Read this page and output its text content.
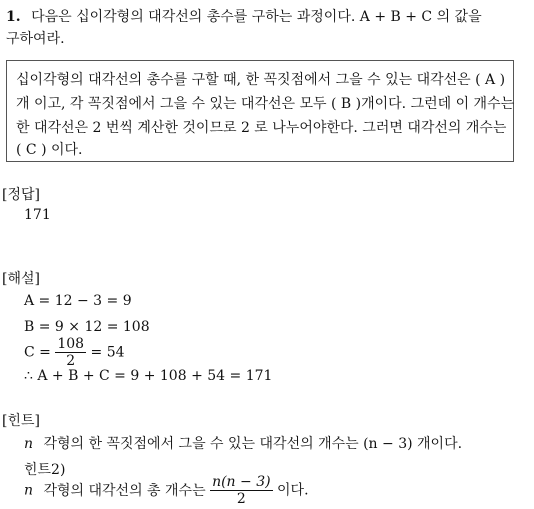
1. 다음은 십이각형의 대각선의 총수를 구하는 과정이다. A + B + C 의 값을
구하여라.
십이각형의 대각선의 총수를 구할 때, 한 꼭짓점에서 그을 수 있는 대각선은 ( A )
개 이고, 각 꼭짓점에서 그을 수 있는 대각선은 모두 ( B )개이다. 그런데 이 개수는
한 대각선은 2 번씩 계산한 것이므로 2 로 나누어야한다. 그러면 대각선의 개수는
( C ) 이다.
[정답]
171
[해설]
A = 12 − 3 = 9
B = 9 × 12 = 108
$C = \frac{108}{2} = 54$
∴ A + B + C = 9 + 108 + 54 = 171
[힌트]
n 각형의 한 꼭짓점에서 그을 수 있는 대각선의 개수는 (n − 3) 개이다.
힌트2)
n 각형의 대각선의 총 개수는 $\frac{n(n - 3)}{2}$ 이다.
